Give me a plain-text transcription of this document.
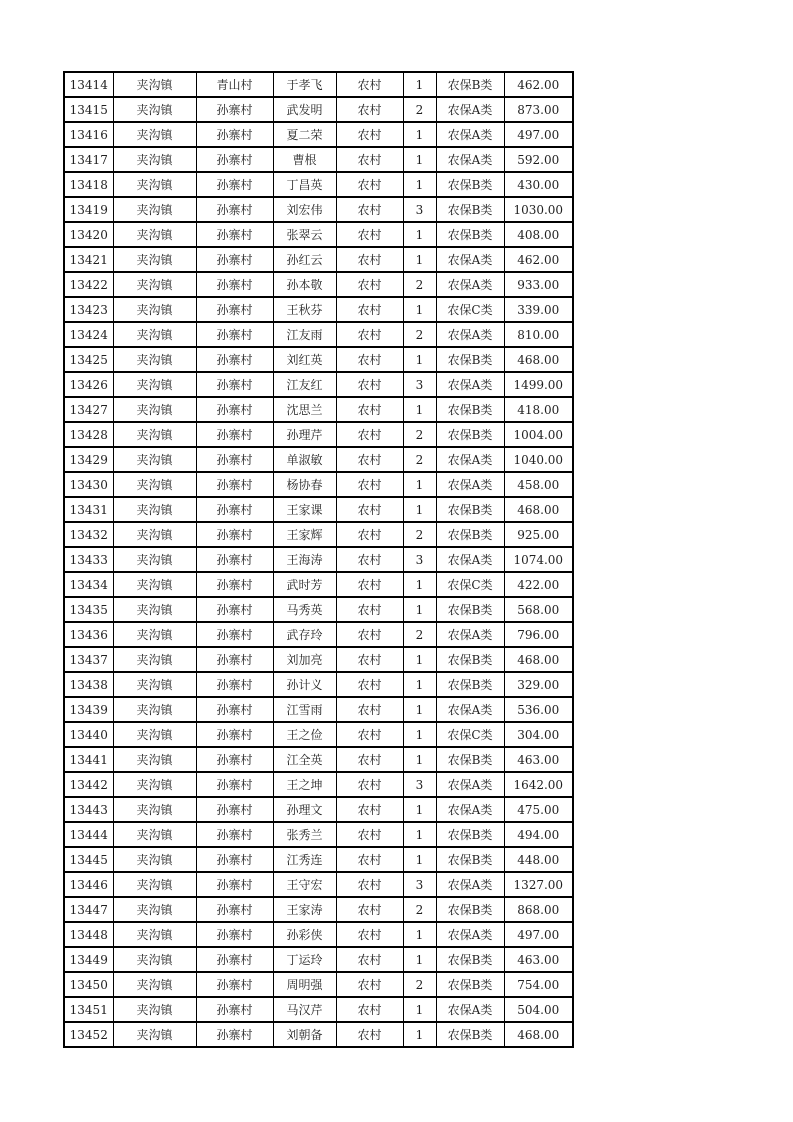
13414	夹沟镇	青山村	于孝飞	农村	1	农保B类	462.00
13415	夹沟镇	孙寨村	武发明	农村	2	农保A类	873.00
13416	夹沟镇	孙寨村	夏二荣	农村	1	农保A类	497.00
13417	夹沟镇	孙寨村	曹根	农村	1	农保A类	592.00
13418	夹沟镇	孙寨村	丁昌英	农村	1	农保B类	430.00
13419	夹沟镇	孙寨村	刘宏伟	农村	3	农保B类	1030.00
13420	夹沟镇	孙寨村	张翠云	农村	1	农保B类	408.00
13421	夹沟镇	孙寨村	孙红云	农村	1	农保A类	462.00
13422	夹沟镇	孙寨村	孙本敬	农村	2	农保A类	933.00
13423	夹沟镇	孙寨村	王秋芬	农村	1	农保C类	339.00
13424	夹沟镇	孙寨村	江友雨	农村	2	农保A类	810.00
13425	夹沟镇	孙寨村	刘红英	农村	1	农保B类	468.00
13426	夹沟镇	孙寨村	江友红	农村	3	农保A类	1499.00
13427	夹沟镇	孙寨村	沈思兰	农村	1	农保B类	418.00
13428	夹沟镇	孙寨村	孙理芹	农村	2	农保B类	1004.00
13429	夹沟镇	孙寨村	单淑敏	农村	2	农保A类	1040.00
13430	夹沟镇	孙寨村	杨协春	农村	1	农保A类	458.00
13431	夹沟镇	孙寨村	王家课	农村	1	农保B类	468.00
13432	夹沟镇	孙寨村	王家辉	农村	2	农保B类	925.00
13433	夹沟镇	孙寨村	王海涛	农村	3	农保A类	1074.00
13434	夹沟镇	孙寨村	武时芳	农村	1	农保C类	422.00
13435	夹沟镇	孙寨村	马秀英	农村	1	农保B类	568.00
13436	夹沟镇	孙寨村	武存玲	农村	2	农保A类	796.00
13437	夹沟镇	孙寨村	刘加亮	农村	1	农保B类	468.00
13438	夹沟镇	孙寨村	孙计义	农村	1	农保B类	329.00
13439	夹沟镇	孙寨村	江雪雨	农村	1	农保A类	536.00
13440	夹沟镇	孙寨村	王之俭	农村	1	农保C类	304.00
13441	夹沟镇	孙寨村	江全英	农村	1	农保B类	463.00
13442	夹沟镇	孙寨村	王之坤	农村	3	农保A类	1642.00
13443	夹沟镇	孙寨村	孙理文	农村	1	农保A类	475.00
13444	夹沟镇	孙寨村	张秀兰	农村	1	农保B类	494.00
13445	夹沟镇	孙寨村	江秀连	农村	1	农保B类	448.00
13446	夹沟镇	孙寨村	王守宏	农村	3	农保A类	1327.00
13447	夹沟镇	孙寨村	王家涛	农村	2	农保B类	868.00
13448	夹沟镇	孙寨村	孙彩侠	农村	1	农保A类	497.00
13449	夹沟镇	孙寨村	丁运玲	农村	1	农保B类	463.00
13450	夹沟镇	孙寨村	周明强	农村	2	农保B类	754.00
13451	夹沟镇	孙寨村	马汉芹	农村	1	农保A类	504.00
13452	夹沟镇	孙寨村	刘朝备	农村	1	农保B类	468.00
